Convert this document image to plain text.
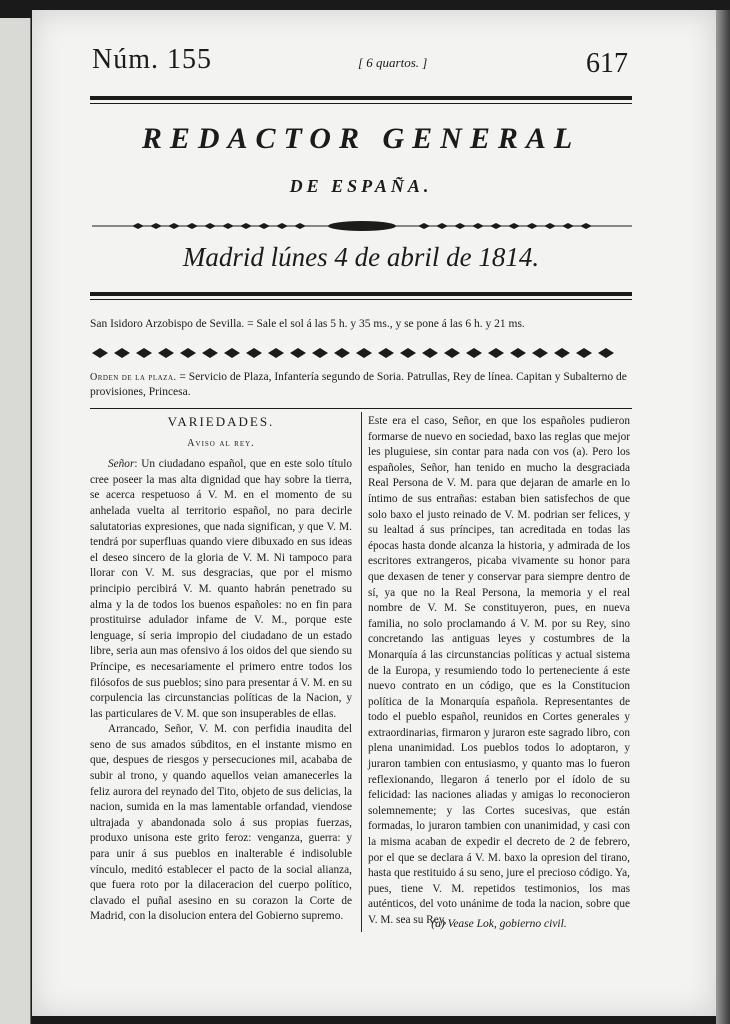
Núm. 155	[ 6 quartos. ]	617
REDACTOR GENERAL
DE ESPAÑA.
Madrid lúnes 4 de abril de 1814.
San Isidoro Arzobispo de Sevilla. = Sale el sol á las 5 h. y 35 ms., y se pone á las 6 h. y 21 ms.
Orden de la plaza. = Servicio de Plaza, Infantería segundo de Soria. Patrullas, Rey de línea. Capitan y Subalterno de provisiones, Princesa.
VARIEDADES.
Aviso al rey.

Señor: Un ciudadano español, que en este solo título cree poseer la mas alta dignidad que hay sobre la tierra, se acerca respetuoso á V. M. en el momento de su anhelada vuelta al territorio español, no para decirle salutatorias expresiones, que nada significan, y que V. M. tendrá por superfluas quando viere dibuxado en sus ideas el deseo sincero de la gloria de V. M. Ni tampoco para llorar con V. M. sus desgracias, que por el mismo principio percibirá V. M. quanto habrán penetrado su alma y la de todos los buenos españoles: no en fin para prostituirse adulador infame de V. M., porque este lenguage, sí seria impropio del ciudadano de un estado libre, seria aun mas ofensivo á los oidos del que siendo su Príncipe, es necesariamente el primero entre todos los filósofos de sus pueblos; sino para presentar á V. M. en su corpulencia las circunstancias políticas de la Nacion, y las particulares de V. M. que son insuperables de ellas.

Arrancado, Señor, V. M. con perfidia inaudita del seno de sus amados súbditos, en el instante mismo en que, despues de riesgos y persecuciones mil, acababa de subir al trono, y quando aquellos veian amanecerles la feliz aurora del reynado del Tito, objeto de sus delicias, la nacion, sumida en la mas lamentable orfandad, viendose ultrajada y abandonada solo á sus propias fuerzas, produxo unisona este grito feroz: venganza, guerra: y para unir á sus pueblos en inalterable é indisoluble vínculo, meditó establecer el pacto de la social alianza, que fuera roto por la dilaceracion del cuerpo político, clavado el puñal asesino en su corazon la Corte de Madrid, con la disolucion entera del Gobierno supremo.

Este era el caso, Señor, en que los españoles pudieron formarse de nuevo en sociedad, baxo las reglas que mejor les pluguiese, sin contar para nada con vos (a). Pero los españoles, Señor, han tenido en mucho la desgraciada Real Persona de V. M. para que dejaran de amarle en lo íntimo de sus entrañas: estaban bien satisfechos de que solo baxo el justo reinado de V. M. podrian ser felices, y su lealtad á sus príncipes, tan acreditada en todas las épocas hasta donde alcanza la historia, y admirada de los escritores extrangeros, picaba vivamente su honor para que dexasen de tener y conservar para siempre dentro de sí, ya que no la Real Persona, la memoria y el real nombre de V. M. Se constituyeron, pues, en nueva familia, no solo proclamando á V. M. por su Rey, sino concretando las antiguas leyes y costumbres de la Monarquía á las circunstancias políticas y actual sistema de la Europa, y resumiendo todo lo perteneciente á este nuevo contrato en un código, que es la Constitucion política de la Monarquía española. Representantes de todo el pueblo español, reunidos en Cortes generales y extraordinarias, firmaron y juraron este sagrado libro, con plena unanimidad. Los pueblos todos lo adoptaron, y juraron tambien con entusiasmo, y quanto mas lo fueron reflexionando, llegaron á tenerlo por el ídolo de su felicidad: las naciones aliadas y amigas lo reconocieron solemnemente; y las Cortes sucesivas, que están formadas, lo juraron tambien con unanimidad, y casi con la misma acaban de expedir el decreto de 2 de febrero, por el que se declara á V. M. baxo la opresion del tirano, hasta que restituido á su seno, jure el precioso código. Ya, pues, tiene V. M. repetidos testimonios, los mas auténticos, del voto unánime de toda la nacion, sobre que V. M. sea su Rey,

(a) Vease Lok, gobierno civil.
